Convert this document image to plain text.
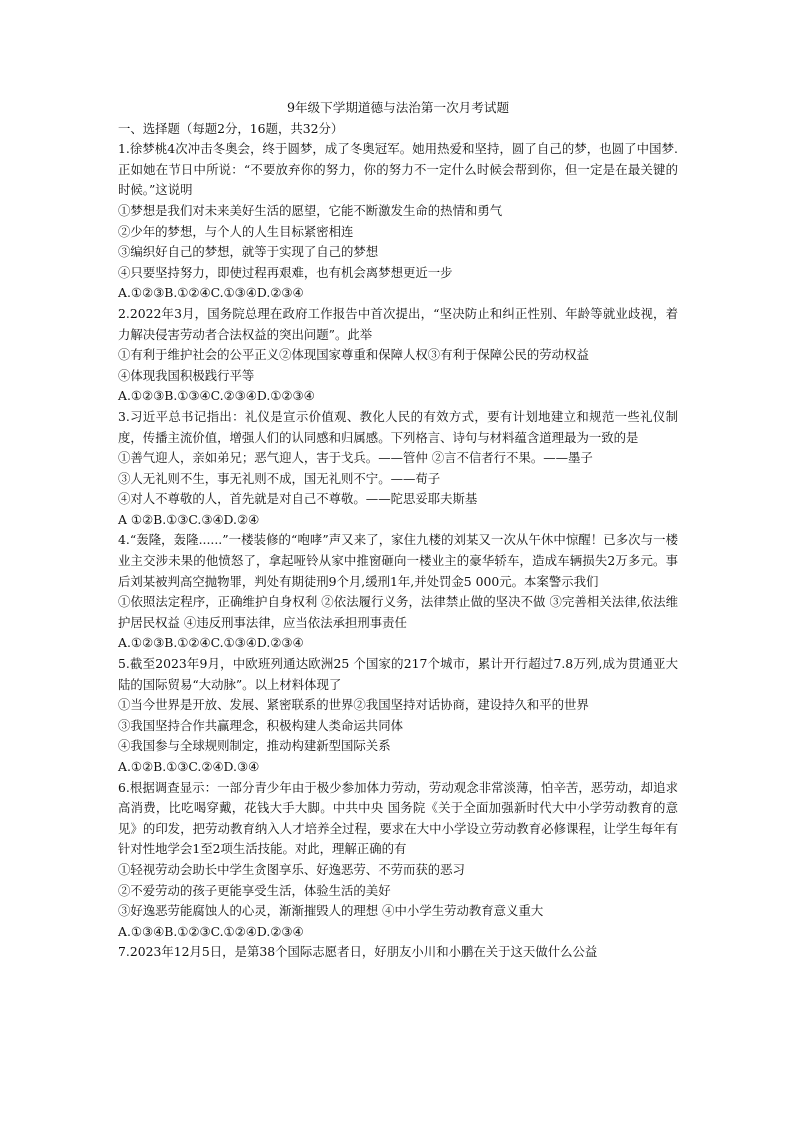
9年级下学期道德与法治第一次月考试题

一、选择题（每题2分，16题，共32分）

1.徐梦桃4次冲击冬奥会，终于圆梦，成了冬奥冠军。她用热爱和坚持，圆了自己的梦，也圆了中国梦.正如她在节日中所说：“不要放弃你的努力，你的努力不一定什么时候会帮到你，但一定是在最关键的时候。”这说明

①梦想是我们对未来美好生活的愿望，它能不断激发生命的热情和勇气
②少年的梦想，与个人的人生目标紧密相连
③编织好自己的梦想，就等于实现了自己的梦想
④只要坚持努力，即使过程再艰难，也有机会离梦想更近一步
A.①②③B.①②④C.①③④D.②③④

2.2022年3月，国务院总理在政府工作报告中首次提出，“坚决防止和纠正性别、年龄等就业歧视，着力解决侵害劳动者合法权益的突出问题”。此举

①有利于维护社会的公平正义②体现国家尊重和保障人权③有利于保障公民的劳动权益
④体现我国积极践行平等
A.①②③B.①③④C.②③④D.①②③④

3.习近平总书记指出：礼仪是宣示价值观、教化人民的有效方式，要有计划地建立和规范一些礼仪制度，传播主流价值，增强人们的认同感和归属感。下列格言、诗句与材料蕴含道理最为一致的是

①善气迎人，亲如弟兄；恶气迎人，害于戈兵。——管仲 ②言不信者行不果。——墨子
③人无礼则不生，事无礼则不成，国无礼则不宁。——荀子
④对人不尊敬的人，首先就是对自己不尊敬。——陀思妥耶夫斯基
A ①②B.①③C.③④D.②④

4.“轰隆，轰隆......”一楼装修的“咆哮”声又来了，家住九楼的刘某又一次从午休中惊醒！已多次与一楼业主交涉未果的他愤怒了，拿起哑铃从家中推窗砸向一楼业主的豪华轿车，造成车辆损失2万多元。事后刘某被判高空抛物罪，判处有期徒刑9个月,缓刑1年,并处罚金5 000元。本案警示我们

①依照法定程序，正确维护自身权利 ②依法履行义务，法律禁止做的坚决不做 ③完善相关法律,依法维护居民权益 ④违反刑事法律，应当依法承担刑事责任
A.①②③B.①②④C.①③④D.②③④

5.截至2023年9月，中欧班列通达欧洲25 个国家的217个城市，累计开行超过7.8万列,成为贯通亚大陆的国际贸易“大动脉”。以上材料体现了

①当今世界是开放、发展、紧密联系的世界②我国坚持对话协商，建设持久和平的世界
③我国坚持合作共赢理念，积极构建人类命运共同体
④我国参与全球规则制定，推动构建新型国际关系
A.①②B.①③C.②④D.③④

6.根据调查显示：一部分青少年由于极少参加体力劳动，劳动观念非常淡薄，怕辛苦，恶劳动，却追求高消费，比吃喝穿戴，花钱大手大脚。中共中央 国务院《关于全面加强新时代大中小学劳动教育的意见》的印发，把劳动教育纳入人才培养全过程，要求在大中小学设立劳动教育必修课程，让学生每年有针对性地学会1至2项生活技能。对此，理解正确的有

①轻视劳动会助长中学生贪图享乐、好逸恶劳、不劳而获的恶习
②不爱劳动的孩子更能享受生活，体验生活的美好
③好逸恶劳能腐蚀人的心灵，渐渐摧毁人的理想 ④中小学生劳动教育意义重大
A.①③④B.①②③C.①②④D.②③④

7.2023年12月5日，是第38个国际志愿者日，好朋友小川和小鹏在关于这天做什么公益
